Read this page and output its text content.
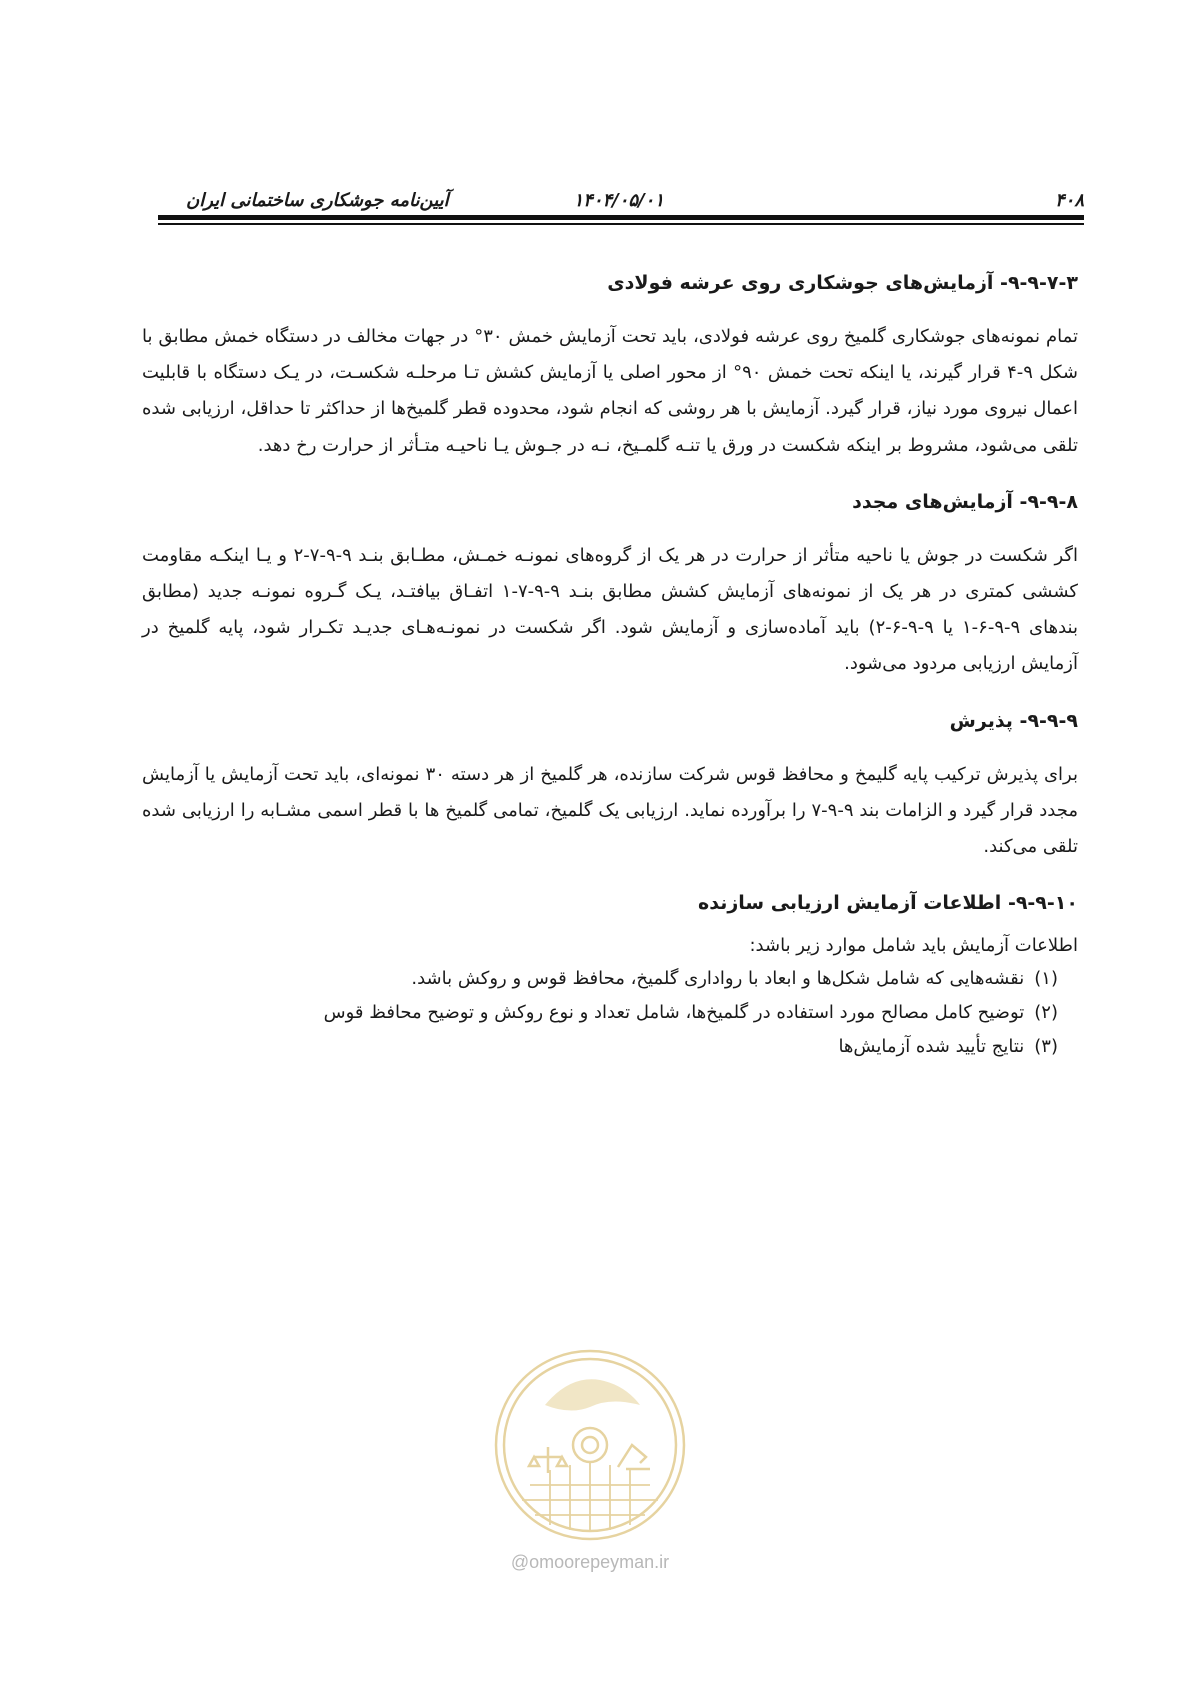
۴۰۸
۱۴۰۴/۰۵/۰۱
آیین‌نامه جوشکاری ساختمانی ایران
۹-۹-۷-۳- آزمایش‌های جوشکاری روی عرشه فولادی

تمام نمونه‌های جوشکاری گلمیخ روی عرشه فولادی، باید تحت آزمایش خمش ۳۰° در جهات مخالف در دستگاه خمش مطابق با شکل ۹-۴ قرار گیرند، یا اینکه تحت خمش ۹۰° از محور اصلی یا آزمایش کشش تـا مرحلـه شکسـت، در یـک دستگاه با قابلیت اعمال نیروی مورد نیاز، قرار گیرد. آزمایش با هر روشی که انجام شود، محدوده قطر گلمیخ‌ها از حداکثر تا حداقل، ارزیابی شده تلقی می‌شود، مشروط بر اینکه شکست در ورق یا تنـه گلمـیخ، نـه در جـوش یـا ناحیـه متـأثر از حرارت رخ دهد.

۹-۹-۸- آزمایش‌های مجدد

اگر شکست در جوش یا ناحیه متأثر از حرارت در هر یک از گروه‌های نمونـه خمـش، مطـابق بنـد ۹-۹-۷-۲ و یـا اینکـه مقاومت کششی کمتری در هر یک از نمونه‌های آزمایش کشش مطابق بنـد ۹-۹-۷-۱ اتفـاق بیافتـد، یـک گـروه نمونـه جدید (مطابق بندهای ۹-۹-۶-۱ یا ۹-۹-۶-۲) باید آماده‌سازی و آزمایش شود. اگر شکست در نمونـه‌هـای جدیـد تکـرار شود، پایه گلمیخ در آزمایش ارزیابی مردود می‌شود.

۹-۹-۹- پذیرش

برای پذیرش ترکیب پایه گلیمخ و محافظ قوس شرکت سازنده، هر گلمیخ از هر دسته ۳۰ نمونه‌ای، باید تحت آزمایش یا آزمایش مجدد قرار گیرد و الزامات بند ۹-۹-۷ را برآورده نماید. ارزیابی یک گلمیخ، تمامی گلمیخ ها با قطر اسمی مشـابه را ارزیابی شده تلقی می‌کند.

۹-۹-۱۰- اطلاعات آزمایش ارزیابی سازنده

اطلاعات آزمایش باید شامل موارد زیر باشد:

(۱)نقشه‌هایی که شامل شکل‌ها و ابعاد با رواداری گلمیخ، محافظ قوس و روکش باشد.
(۲)توضیح کامل مصالح مورد استفاده در گلمیخ‌ها، شامل تعداد و نوع روکش و توضیح محافظ قوس
(۳)نتایج تأیید شده آزمایش‌ها
@omoorepeyman.ir
